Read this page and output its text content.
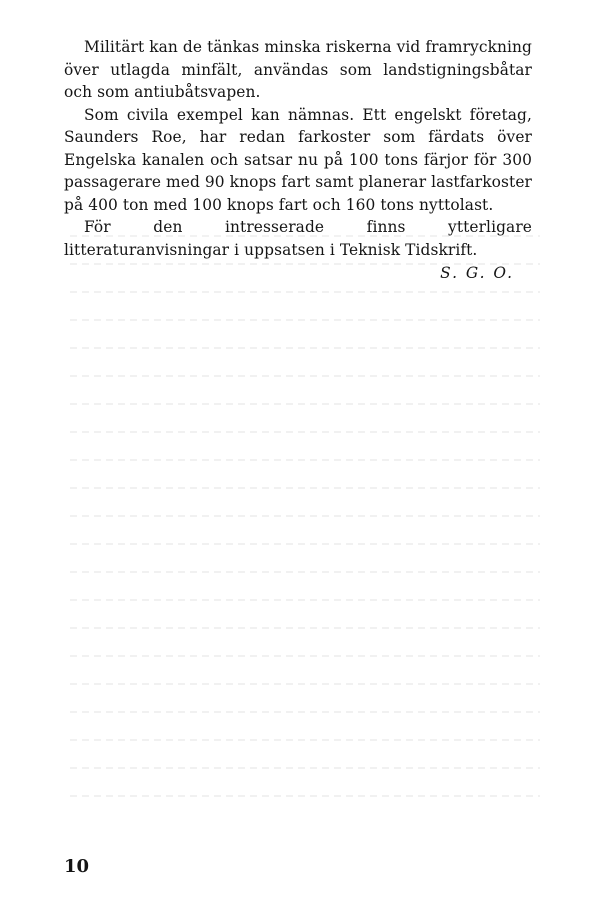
Militärt kan de tänkas minska riskerna vid framryckning över utlagda minfält, användas som landstigningsbåtar och som antiubåtsvapen.

Som civila exempel kan nämnas. Ett engelskt företag, Saunders Roe, har redan farkoster som färdats över Engelska kanalen och satsar nu på 100 tons färjor för 300 passagerare med 90 knops fart samt planerar lastfarkoster på 400 ton med 100 knops fart och 160 tons nyttolast.

För den intresserade finns ytterligare litteraturanvisningar i uppsatsen i Teknisk Tidskrift.

S. G. O.
10
